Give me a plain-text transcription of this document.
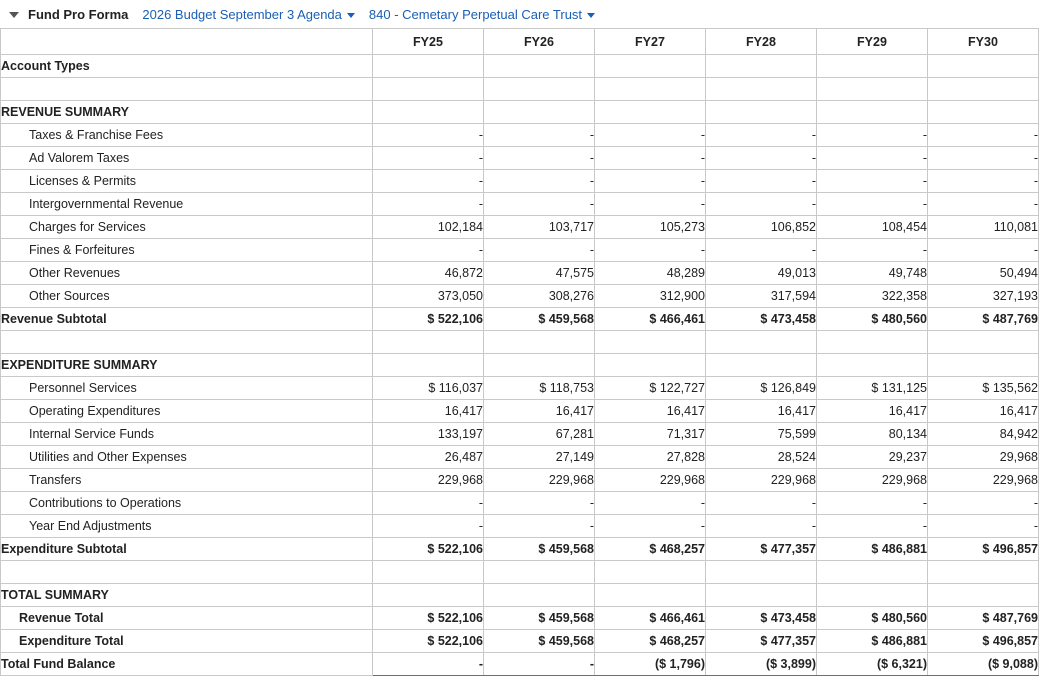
Fund Pro Forma 2026 Budget September 3 Agenda 840 - Cemetary Perpetual Care Trust
	FY25	FY26	FY27	FY28	FY29	FY30
Account Types						

REVENUE SUMMARY						
Taxes & Franchise Fees	-	-	-	-	-	-
Ad Valorem Taxes	-	-	-	-	-	-
Licenses & Permits	-	-	-	-	-	-
Intergovernmental Revenue	-	-	-	-	-	-
Charges for Services	102,184	103,717	105,273	106,852	108,454	110,081
Fines & Forfeitures	-	-	-	-	-	-
Other Revenues	46,872	47,575	48,289	49,013	49,748	50,494
Other Sources	373,050	308,276	312,900	317,594	322,358	327,193
Revenue Subtotal	$ 522,106	$ 459,568	$ 466,461	$ 473,458	$ 480,560	$ 487,769

EXPENDITURE SUMMARY						
Personnel Services	$ 116,037	$ 118,753	$ 122,727	$ 126,849	$ 131,125	$ 135,562
Operating Expenditures	16,417	16,417	16,417	16,417	16,417	16,417
Internal Service Funds	133,197	67,281	71,317	75,599	80,134	84,942
Utilities and Other Expenses	26,487	27,149	27,828	28,524	29,237	29,968
Transfers	229,968	229,968	229,968	229,968	229,968	229,968
Contributions to Operations	-	-	-	-	-	-
Year End Adjustments	-	-	-	-	-	-
Expenditure Subtotal	$ 522,106	$ 459,568	$ 468,257	$ 477,357	$ 486,881	$ 496,857

TOTAL SUMMARY						
Revenue Total	$ 522,106	$ 459,568	$ 466,461	$ 473,458	$ 480,560	$ 487,769
Expenditure Total	$ 522,106	$ 459,568	$ 468,257	$ 477,357	$ 486,881	$ 496,857
Total Fund Balance	-	-	($ 1,796)	($ 3,899)	($ 6,321)	($ 9,088)
